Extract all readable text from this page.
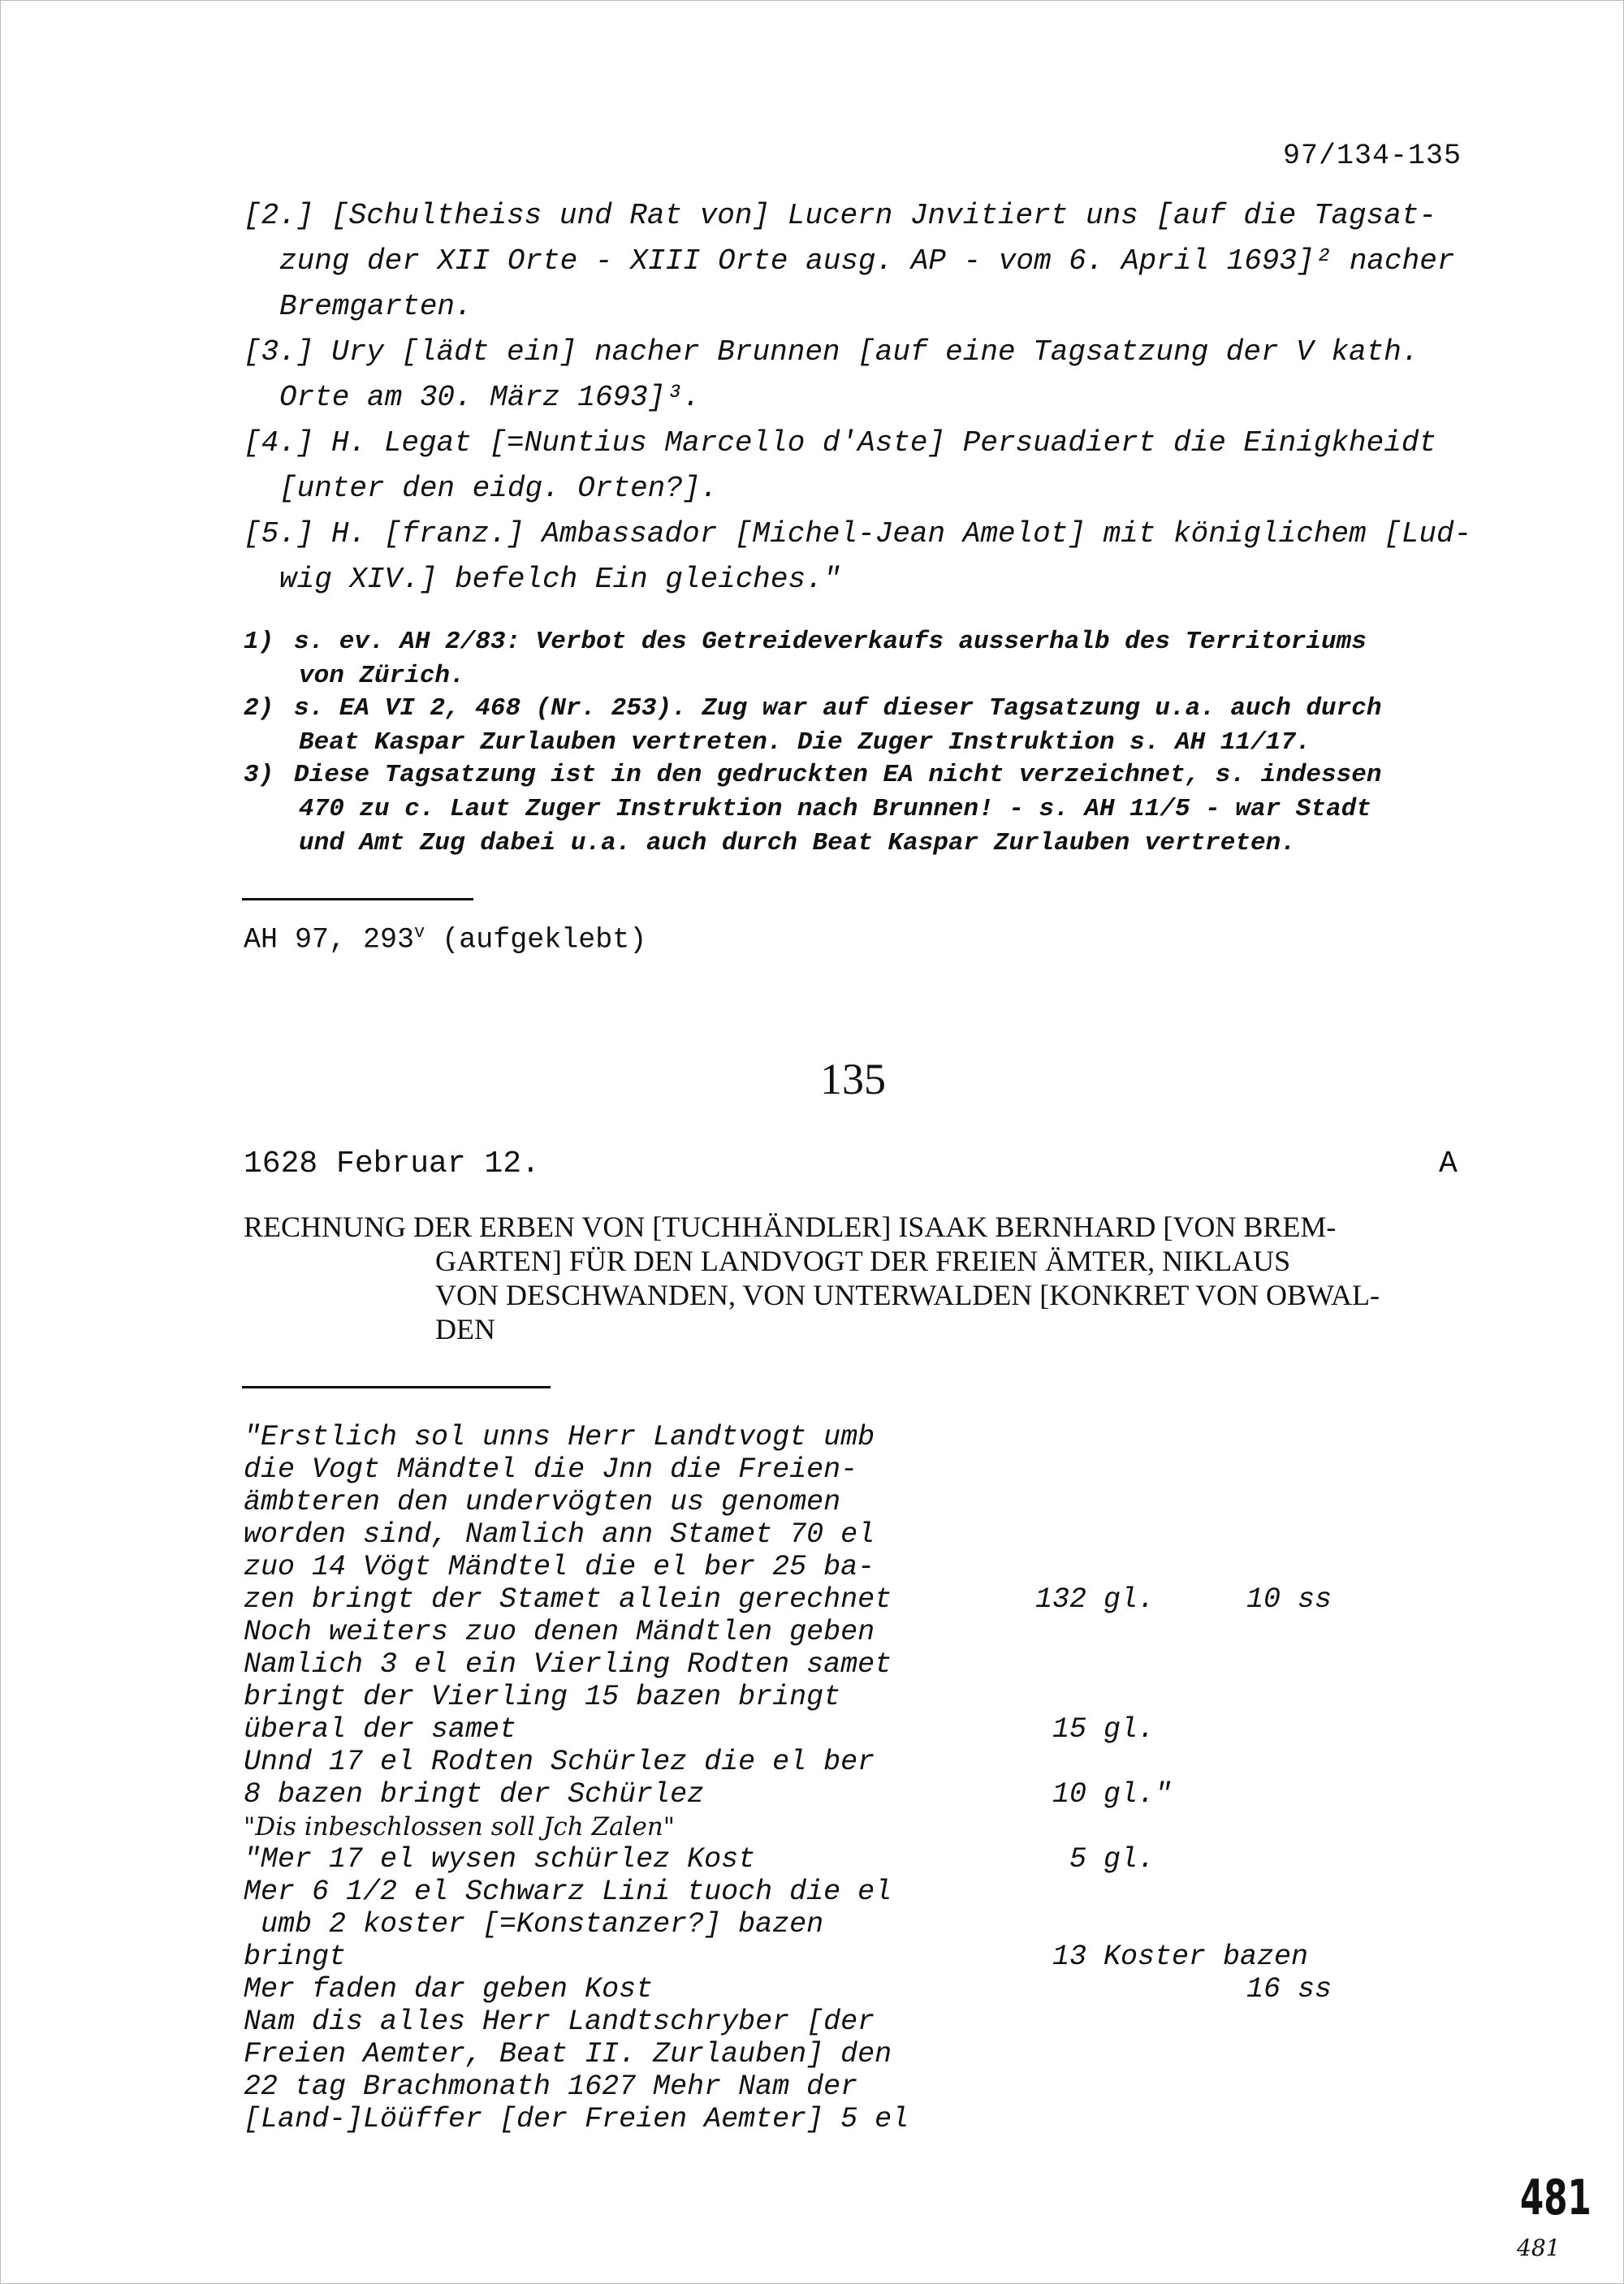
97/134-135
[2.] [Schultheiss und Rat von] Lucern Jnvitiert uns [auf die Tagsat-
zung der XII Orte - XIII Orte ausg. AP - vom 6. April 1693]² nacher
Bremgarten.
[3.] Ury [lädt ein] nacher Brunnen [auf eine Tagsatzung der V kath.
Orte am 30. März 1693]³.
[4.] H. Legat [=Nuntius Marcello d'Aste] Persuadiert die Einigkheidt
[unter den eidg. Orten?].
[5.] H. [franz.] Ambassador [Michel-Jean Amelot] mit königlichem [Lud-
wig XIV.] befelch Ein gleiches."
1) s. ev. AH 2/83: Verbot des Getreideverkaufs ausserhalb des Territoriums
von Zürich.
2) s. EA VI 2, 468 (Nr. 253). Zug war auf dieser Tagsatzung u.a. auch durch
Beat Kaspar Zurlauben vertreten. Die Zuger Instruktion s. AH 11/17.
3) Diese Tagsatzung ist in den gedruckten EA nicht verzeichnet, s. indessen
470 zu c. Laut Zuger Instruktion nach Brunnen! - s. AH 11/5 - war Stadt
und Amt Zug dabei u.a. auch durch Beat Kaspar Zurlauben vertreten.
AH 97, 293$^v$ (aufgeklebt)
135
1628 Februar 12.	A
RECHNUNG DER ERBEN VON [TUCHHÄNDLER] ISAAK BERNHARD [VON BREM-
GARTEN] FÜR DEN LANDVOGT DER FREIEN ÄMTER, NIKLAUS
VON DESCHWANDEN, VON UNTERWALDEN [KONKRET VON OBWAL-
DEN
"Erstlich sol unns Herr Landtvogt umb
die Vogt Mändtel die Jnn die Freien-
ämbteren den undervögten us genomen
worden sind, Namlich ann Stamet 70 el
zuo 14 Vögt Mändtel die el ber 25 ba-
zen bringt der Stamet allein gerechnet	132 gl.	10 ss
Noch weiters zuo denen Mändtlen geben
Namlich 3 el ein Vierling Rodten samet
bringt der Vierling 15 bazen bringt
überal der samet	15 gl.
Unnd 17 el Rodten Schürlez die el ber
8 bazen bringt der Schürlez	10 gl."
"Dis inbeschlossen soll Jch Zalen"
"Mer 17 el wysen schürlez Kost	5 gl.
Mer 6 1/2 el Schwarz Lini tuoch die el
umb 2 koster [=Konstanzer?] bazen
bringt	13 Koster bazen
Mer faden dar geben Kost	16 ss
Nam dis alles Herr Landtschryber [der
Freien Aemter, Beat II. Zurlauben] den
22 tag Brachmonath 1627 Mehr Nam der
[Land-]Löüffer [der Freien Aemter] 5 el
481
481
